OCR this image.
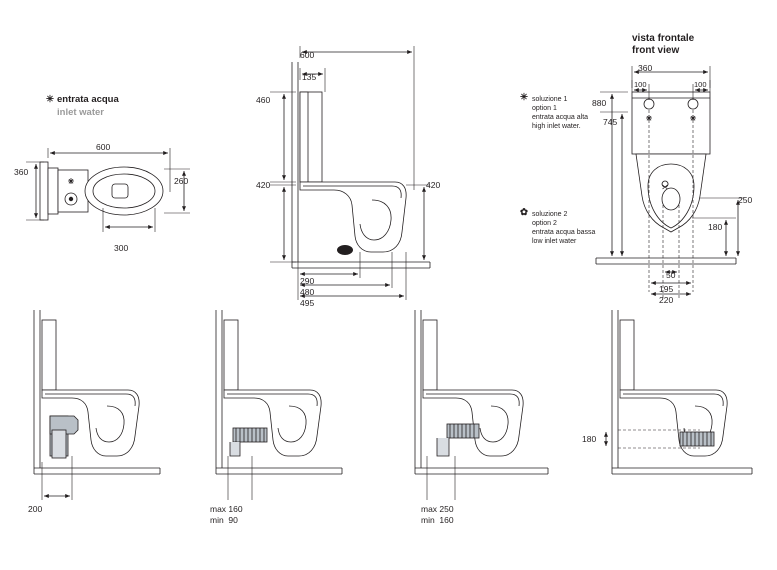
✳ entrata acqua
inlet water
600
360
260
300
600
135
460
420	420
290
480
495
vista frontale
front view
✳ soluzione 1
option 1
entrata acqua alta
high inlet water.
✿ soluzione 2
option 2
entrata acqua bassa
low inlet water
360
100	100
880
745
250
180
50
195
220
200	max 160
min  90
max 250
min  160
180
